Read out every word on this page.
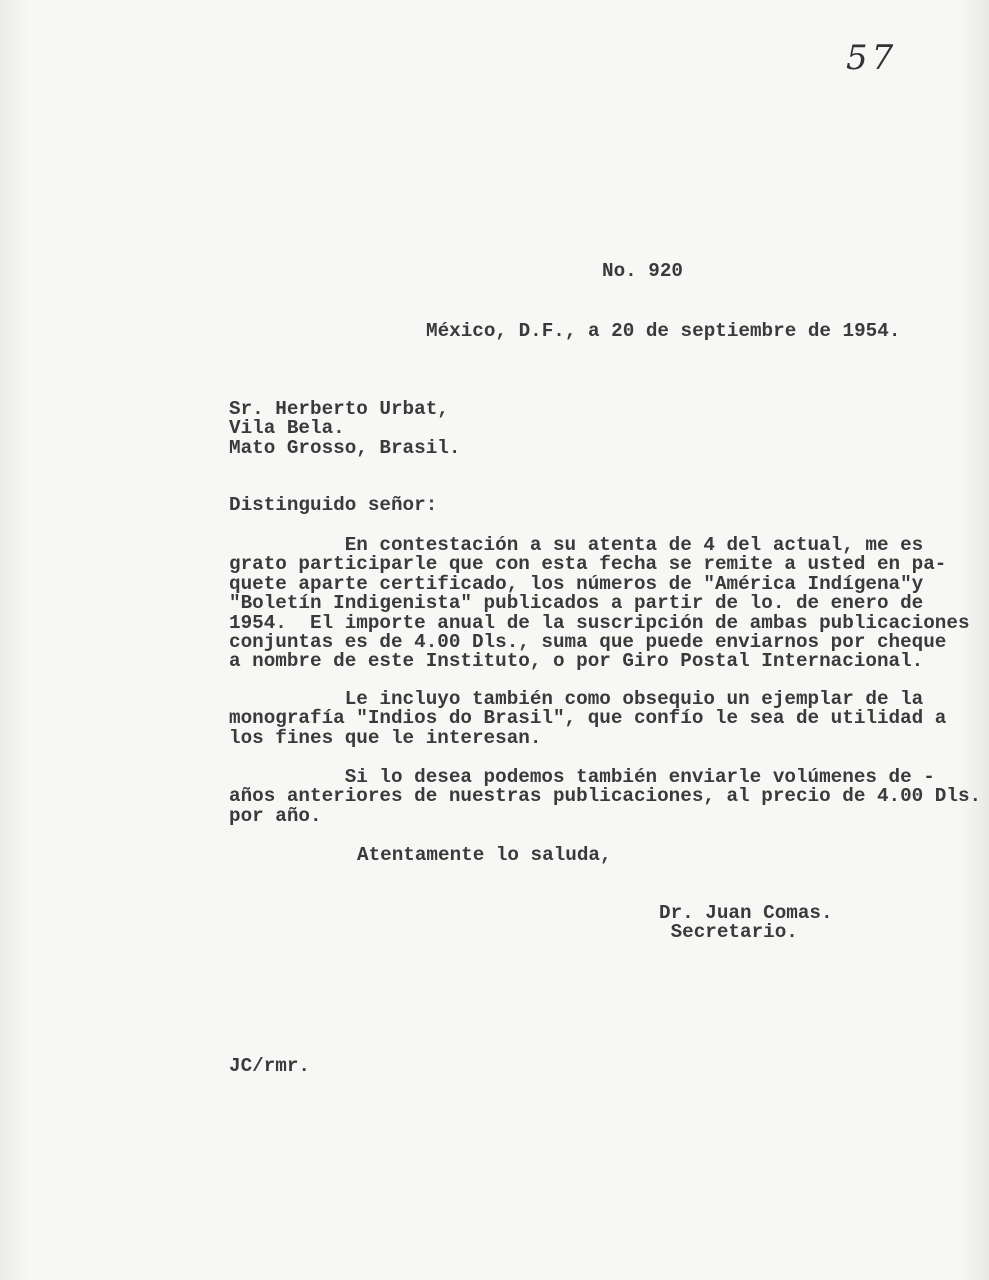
57
No. 920
México, D.F., a 20 de septiembre de 1954.
Sr. Herberto Urbat,
Vila Bela.
Mato Grosso, Brasil.
Distinguido señor:
En contestación a su atenta de 4 del actual, me es
grato participarle que con esta fecha se remite a usted en pa-
quete aparte certificado, los números de "América Indígena"y
"Boletín Indigenista" publicados a partir de lo. de enero de
1954.  El importe anual de la suscripción de ambas publicaciones
conjuntas es de 4.00 Dls., suma que puede enviarnos por cheque
a nombre de este Instituto, o por Giro Postal Internacional.
Le incluyo también como obsequio un ejemplar de la
monografía "Indios do Brasil", que confío le sea de utilidad a
los fines que le interesan.
Si lo desea podemos también enviarle volúmenes de -
años anteriores de nuestras publicaciones, al precio de 4.00 Dls.
por año.
Atentamente lo saluda,
Dr. Juan Comas.
Secretario.
JC/rmr.
